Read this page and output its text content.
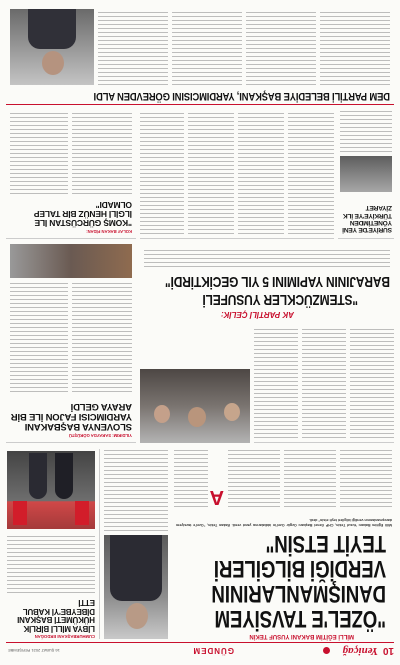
10
Yeniçağ
GÜNDEM
16 ŞUBAT 2021 PERŞEMBE
MİLLİ EĞİTİM BAKANI YUSUF TEKİN
"ÖZEL'E TAVSİYEM
DANIŞMANLARININ
VERDİĞİ BİLGİLERİ
TEYİT ETSİN"
Milli Eğitim Bakanı Yusuf Tekin, CHP Genel Başkanı Özgür Özel'in iddialarına yanıt verdi. Bakan Tekin, "Özel'e tavsiyem danışmanlarının verdiği bilgileri teyit etsin" dedi.
A
CUMHURBAŞKANI ERDOĞAN
LİBYA MİLLİ BİRLİK HÜKÜMETİ BAŞKANI DİBEYBE'Yİ KABUL ETTİ
YILDIRIM: SARAYDA GÖRÜŞTÜ
SLOVENYA BAŞBAKANI YARDIMCISI FAJON İLE BİR ARAYA GELDİ
AK PARTİLİ ÇELİK:
"STEMZÜCKLER YUSUFELİ
BARAJININ YAPIMINI 5 YIL GECİKTİRDİ"
KOLAY BAKAN FİDAN:
"KOMŞ GÜRCÜSTAN İLE İLGİLİ HENÜZ BİR TALEP OLMADI"
SURİYE'DE YENİ YÖNETİMDEN TÜRKİYE'YE İLK ZİYARET
DEM PARTİLİ BELEDİYE BAŞKANI, YARDIMCISINI GÖREVDEN ALDI
